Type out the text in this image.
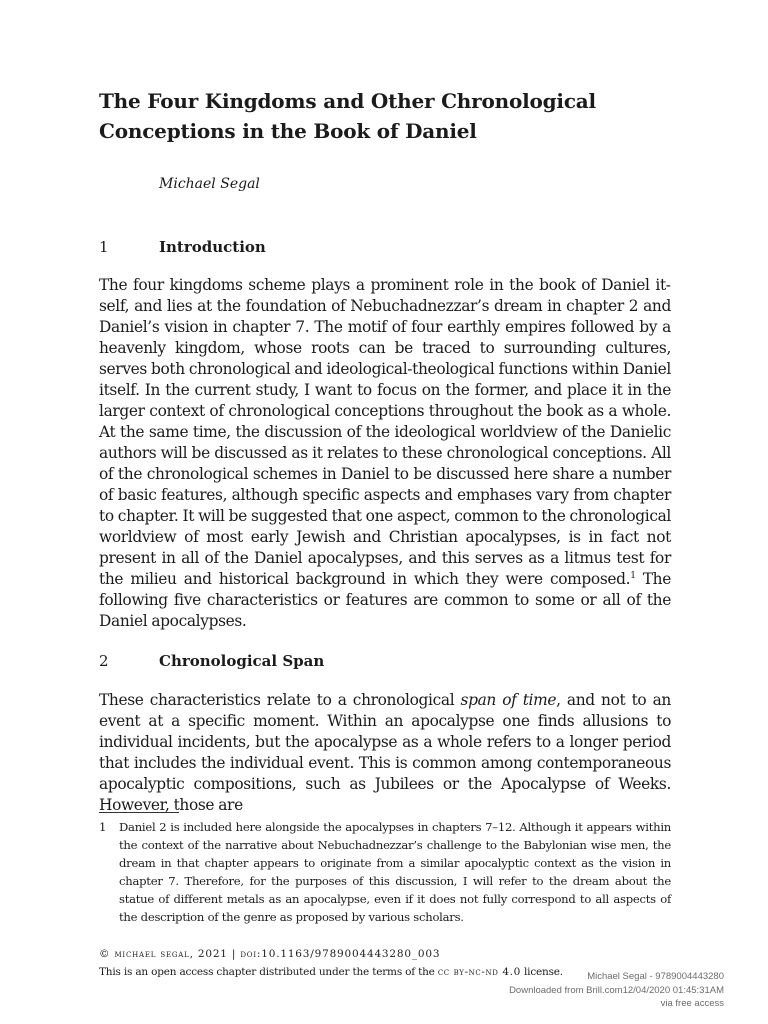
The Four Kingdoms and Other Chronological
Conceptions in the Book of Daniel
Michael Segal
1	Introduction

The four kingdoms scheme plays a prominent role in the book of Daniel itself, and lies at the foundation of Nebuchadnezzar’s dream in chapter 2 and Daniel’s vision in chapter 7. The motif of four earthly empires followed by a heavenly kingdom, whose roots can be traced to surrounding cultures, serves both chronological and ideological-theological functions within Daniel itself. In the current study, I want to focus on the former, and place it in the larger context of chronological conceptions throughout the book as a whole. At the same time, the discussion of the ideological worldview of the Danielic authors will be discussed as it relates to these chronological conceptions. All of the chronological schemes in Daniel to be discussed here share a number of basic features, although specific aspects and emphases vary from chapter to chapter. It will be suggested that one aspect, common to the chronological worldview of most early Jewish and Christian apocalypses, is in fact not present in all of the Daniel apocalypses, and this serves as a litmus test for the milieu and historical background in which they were composed.$^1$ The following five characteristics or features are common to some or all of the Daniel apocalypses.

2	Chronological Span

These characteristics relate to a chronological span of time, and not to an event at a specific moment. Within an apocalypse one finds allusions to individual incidents, but the apocalypse as a whole refers to a longer period that includes the individual event. This is common among contemporaneous apocalyptic compositions, such as Jubilees or the Apocalypse of Weeks. However, those are

1	Daniel 2 is included here alongside the apocalypses in chapters 7–12. Although it appears within the context of the narrative about Nebuchadnezzar’s challenge to the Babylonian wise men, the dream in that chapter appears to originate from a similar apocalyptic context as the vision in chapter 7. Therefore, for the purposes of this discussion, I will refer to the dream about the statue of different metals as an apocalypse, even if it does not fully correspond to all aspects of the description of the genre as proposed by various scholars.
© michael segal, 2021 | doi:10.1163/9789004443280_003
This is an open access chapter distributed under the terms of the cc by-nc-nd 4.0 license.	Michael Segal - 9789004443280
Downloaded from Brill.com12/04/2020 01:45:31AM
via free access
